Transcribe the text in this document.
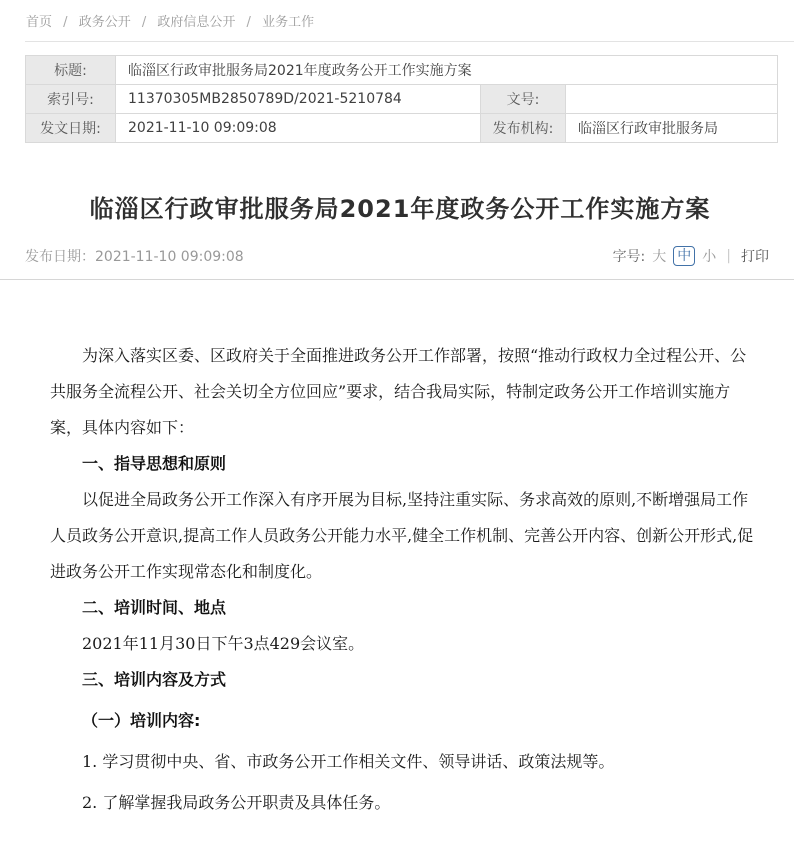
首页 / 政务公开 / 政府信息公开 / 业务工作
标题:	临淄区行政审批服务局2021年度政务公开工作实施方案		
索引号:	11370305MB2850789D/2021-5210784	文号:	
发文日期:	2021-11-10 09:09:08	发布机构:	临淄区行政审批服务局
临淄区行政审批服务局2021年度政务公开工作实施方案
发布日期：2021-11-10 09:09:08	字号: 大 中 小 | 打印

为深入落实区委、区政府关于全面推进政务公开工作部署，按照“推动行政权力全过程公开、公共服务全流程公开、社会关切全方位回应”要求，结合我局实际，特制定政务公开工作培训实施方案，具体内容如下：

一、指导思想和原则

以促进全局政务公开工作深入有序开展为目标,坚持注重实际、务求高效的原则,不断增强局工作人员政务公开意识,提高工作人员政务公开能力水平,健全工作机制、完善公开内容、创新公开形式,促进政务公开工作实现常态化和制度化。

二、培训时间、地点

2021年11月30日下午3点429会议室。

三、培训内容及方式

（一）培训内容:

1. 学习贯彻中央、省、市政务公开工作相关文件、领导讲话、政策法规等。

2. 了解掌握我局政务公开职责及具体任务。
